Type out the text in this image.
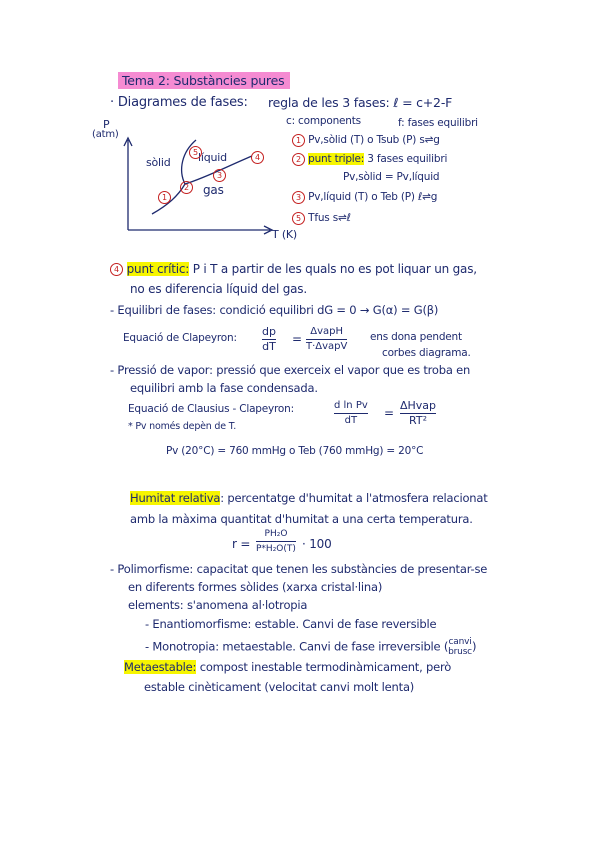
Tema 2: Substàncies pures
· Diagrames de fases: regla de les 3 fases: ℓ = c+2-F
c: components	f: fases equilibri
P
(atm)
T (K)
sòlid líquid
gas
1
2
3
4
5
1 Pv,sòlid (T) o Tsub (P) s⇌g
2 punt triple: 3 fases equilibri
Pv,sòlid = Pv,líquid
3 Pv,líquid (T) o Teb (P) ℓ⇌g
5 Tfus s⇌ℓ
4 punt crític: P i T a partir de les quals no es pot liquar un gas,
no es diferencia líquid del gas.
- Equilibri de fases: condició equilibri dG = 0 → G(α) = G(β)
Equació de Clapeyron: dp
dT
=
ΔvapH
T·ΔvapV
ens dona pendent
corbes diagrama.
- Pressió de vapor: pressió que exerceix el vapor que es troba en
equilibri amb la fase condensada.
Equació de Clausius - Clapeyron:	d ln Pv
dT
=
ΔHvap
RT²
* Pv només depèn de T.
Pv (20°C) = 760 mmHg o Teb (760 mmHg) = 20°C
Humitat relativa: percentatge d'humitat a l'atmosfera relacionat
amb la màxima quantitat d'humitat a una certa temperatura.
r =
PH₂O
P*H₂O(T) · 100
- Polimorfisme: capacitat que tenen les substàncies de presentar-se
en diferents formes sòlides (xarxa cristal·lina)
elements: s'anomena al·lotropia
- Enantiomorfisme: estable. Canvi de fase reversible
- Monotropia: metaestable. Canvi de fase irreversible (canvi
brusc)
Metaestable: compost inestable termodinàmicament, però
estable cinèticament (velocitat canvi molt lenta)
